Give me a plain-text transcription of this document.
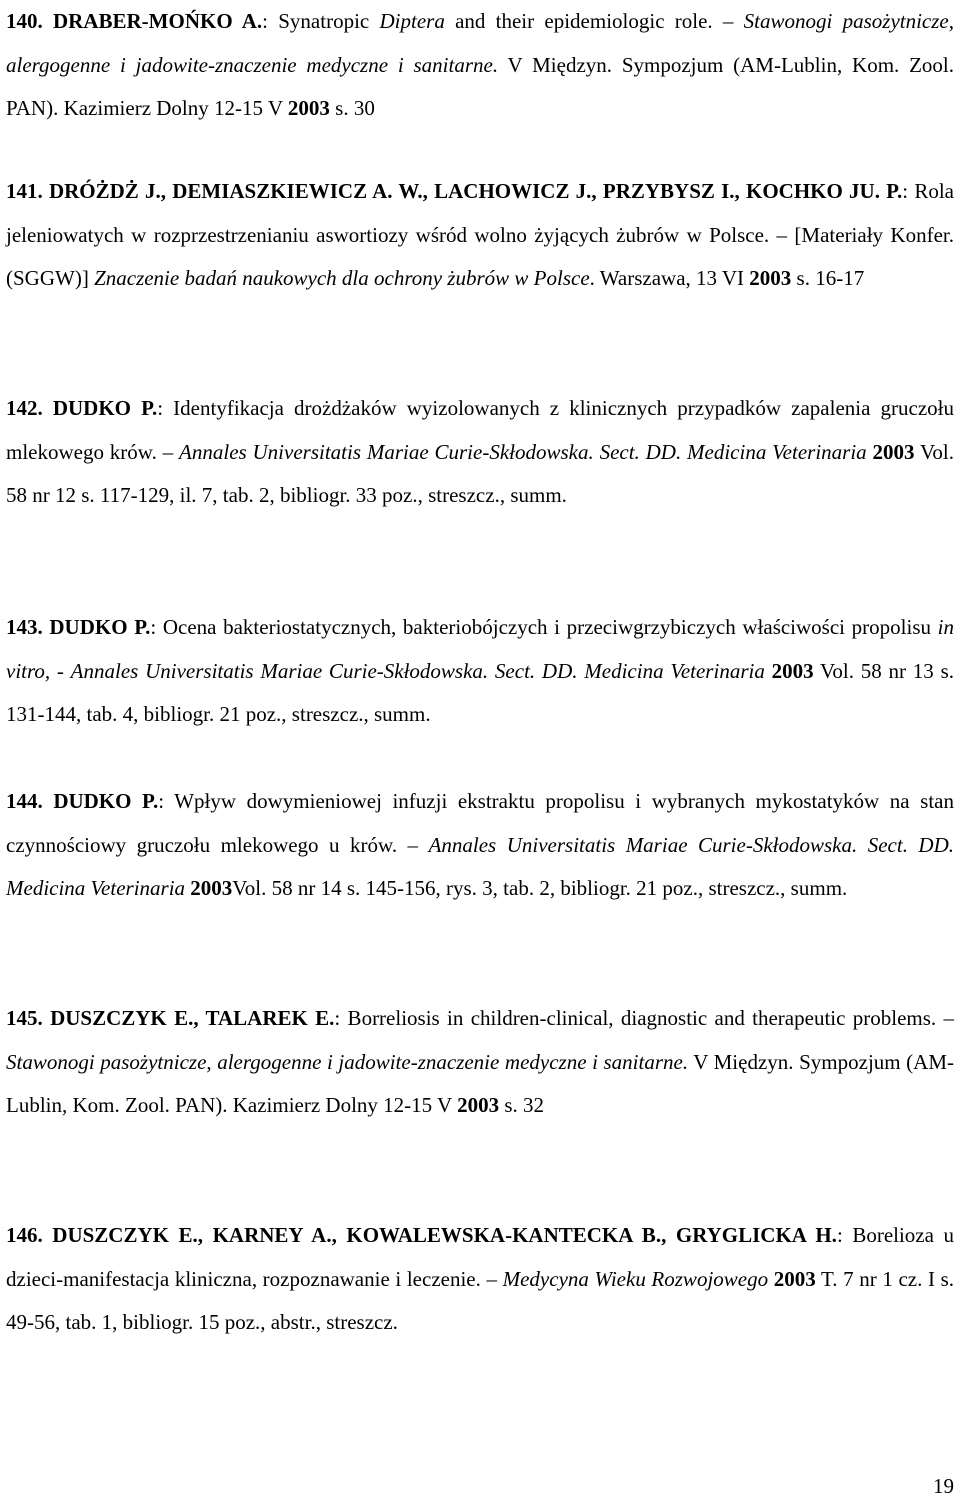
140. DRABER-MOŃKO A.: Synatropic Diptera and their epidemiologic role. – Stawonogi pasożytnicze, alergogenne i jadowite-znaczenie medyczne i sanitarne. V Międzyn. Sympozjum (AM-Lublin, Kom. Zool. PAN). Kazimierz Dolny 12-15 V 2003 s. 30
141. DRÓŻDŻ J., DEMIASZKIEWICZ A. W., LACHOWICZ J., PRZYBYSZ I., KOCHKO JU. P.: Rola jeleniowatych w rozprzestrzenianiu aswortiozy wśród wolno żyjących żubrów w Polsce. – [Materiały Konfer. (SGGW)] Znaczenie badań naukowych dla ochrony żubrów w Polsce. Warszawa, 13 VI 2003 s. 16-17
142. DUDKO P.: Identyfikacja drożdżaków wyizolowanych z klinicznych przypadków zapalenia gruczołu mlekowego krów. – Annales Universitatis Mariae Curie-Skłodowska. Sect. DD. Medicina Veterinaria 2003 Vol. 58 nr 12 s. 117-129, il. 7, tab. 2, bibliogr. 33 poz., streszcz., summ.
143. DUDKO P.: Ocena bakteriostatycznych, bakteriobójczych i przeciwgrzybiczych właściwości propolisu in vitro, - Annales Universitatis Mariae Curie-Skłodowska. Sect. DD. Medicina Veterinaria 2003 Vol. 58 nr 13 s. 131-144, tab. 4, bibliogr. 21 poz., streszcz., summ.
144. DUDKO P.: Wpływ dowymieniowej infuzji ekstraktu propolisu i wybranych mykostatyków na stan czynnościowy gruczołu mlekowego u krów. – Annales Universitatis Mariae Curie-Skłodowska. Sect. DD. Medicina Veterinaria 2003Vol. 58 nr 14 s. 145-156, rys. 3, tab. 2, bibliogr. 21 poz., streszcz., summ.
145. DUSZCZYK E., TALAREK E.: Borreliosis in children-clinical, diagnostic and therapeutic problems. – Stawonogi pasożytnicze, alergogenne i jadowite-znaczenie medyczne i sanitarne. V Międzyn. Sympozjum (AM-Lublin, Kom. Zool. PAN). Kazimierz Dolny 12-15 V 2003 s. 32
146. DUSZCZYK E., KARNEY A., KOWALEWSKA-KANTECKA B., GRYGLICKA H.: Borelioza u dzieci-manifestacja kliniczna, rozpoznawanie i leczenie. – Medycyna Wieku Rozwojowego 2003 T. 7 nr 1 cz. I s. 49-56, tab. 1, bibliogr. 15 poz., abstr., streszcz.
19
